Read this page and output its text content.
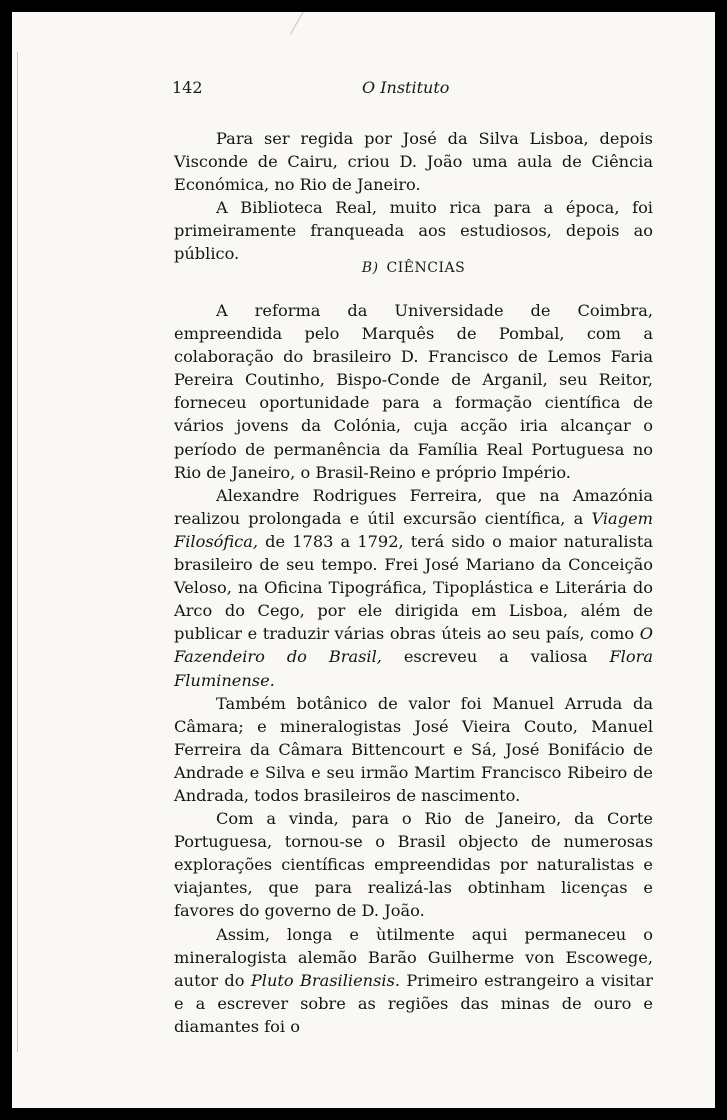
142	O Instituto

Para ser regida por José da Silva Lisboa, depois Visconde de Cairu, criou D. João uma aula de Ciência Económica, no Rio de Janeiro.

A Biblioteca Real, muito rica para a época, foi primeiramente franqueada aos estudiosos, depois ao público.

B) CIÊNCIAS

A reforma da Universidade de Coimbra, empreendida pelo Marquês de Pombal, com a colaboração do brasileiro D. Francisco de Lemos Faria Pereira Coutinho, Bispo-Conde de Arganil, seu Reitor, forneceu oportunidade para a formação científica de vários jovens da Colónia, cuja acção iria alcançar o período de permanência da Família Real Portuguesa no Rio de Janeiro, o Brasil-Reino e próprio Império.

Alexandre Rodrigues Ferreira, que na Amazónia realizou prolongada e útil excursão científica, a Viagem Filosófica, de 1783 a 1792, terá sido o maior naturalista brasileiro de seu tempo. Frei José Mariano da Conceição Veloso, na Oficina Tipográfica, Tipoplástica e Literária do Arco do Cego, por ele dirigida em Lisboa, além de publicar e traduzir várias obras úteis ao seu país, como O Fazendeiro do Brasil, escreveu a valiosa Flora Fluminense.

Também botânico de valor foi Manuel Arruda da Câmara; e mineralogistas José Vieira Couto, Manuel Ferreira da Câmara Bittencourt e Sá, José Bonifácio de Andrade e Silva e seu irmão Martim Francisco Ribeiro de Andrada, todos brasileiros de nascimento.

Com a vinda, para o Rio de Janeiro, da Corte Portuguesa, tornou-se o Brasil objecto de numerosas explorações científicas empreendidas por naturalistas e viajantes, que para realizá-las obtinham licenças e favores do governo de D. João.

Assim, longa e ùtilmente aqui permaneceu o mineralogista alemão Barão Guilherme von Escowege, autor do Pluto Brasiliensis. Primeiro estrangeiro a visitar e a escrever sobre as regiões das minas de ouro e diamantes foi o
